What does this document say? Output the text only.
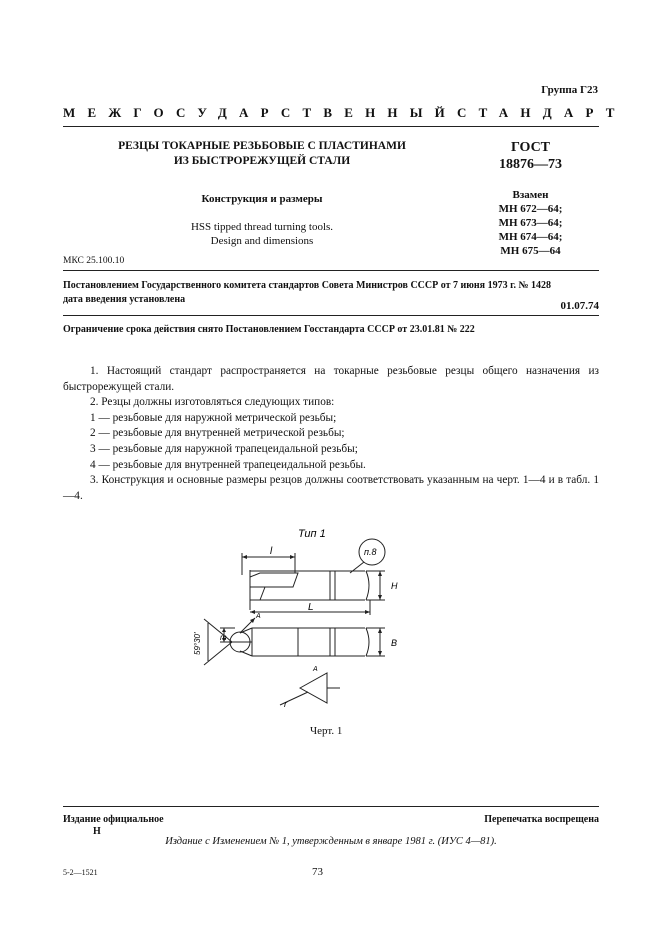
Группа Г23
МЕЖГОСУДАРСТВЕННЫЙ СТАНДАРТ
РЕЗЦЫ ТОКАРНЫЕ РЕЗЬБОВЫЕ С ПЛАСТИНАМИ
ИЗ БЫСТРОРЕЖУЩЕЙ СТАЛИ
Конструкция и размеры
HSS tipped thread turning tools.
Design and dimensions
ГОСТ
18876—73
Взамен
МН 672—64;
МН 673—64;
МН 674—64;
МН 675—64
МКС 25.100.10
Постановлением Государственного комитета стандартов Совета Министров СССР от 7 июня 1973 г. № 1428
дата введения установлена
01.07.74
Ограничение срока действия снято Постановлением Госстандарта СССР от 23.01.81 № 222

1. Настоящий стандарт распространяется на токарные резьбовые резцы общего назначения из быстрорежущей стали.

2. Резцы должны изготовляться следующих типов:

1 — резьбовые для наружной метрической резьбы;

2 — резьбовые для внутренней метрической резьбы;

3 — резьбовые для наружной трапецеидальной резьбы;

4 — резьбовые для внутренней трапецеидальной резьбы.

3. Конструкция и основные размеры резцов должны соответствовать указанным на черт. 1—4 и в табл. 1—4.

Тип 1
l
L
H
B
m
59°30'
п.8
А
А
r
Черт. 1
Издание официальное
Н
Перепечатка воспрещена
Издание с Изменением № 1, утвержденным в январе 1981 г. (ИУС 4—81).
5-2—1521	73
